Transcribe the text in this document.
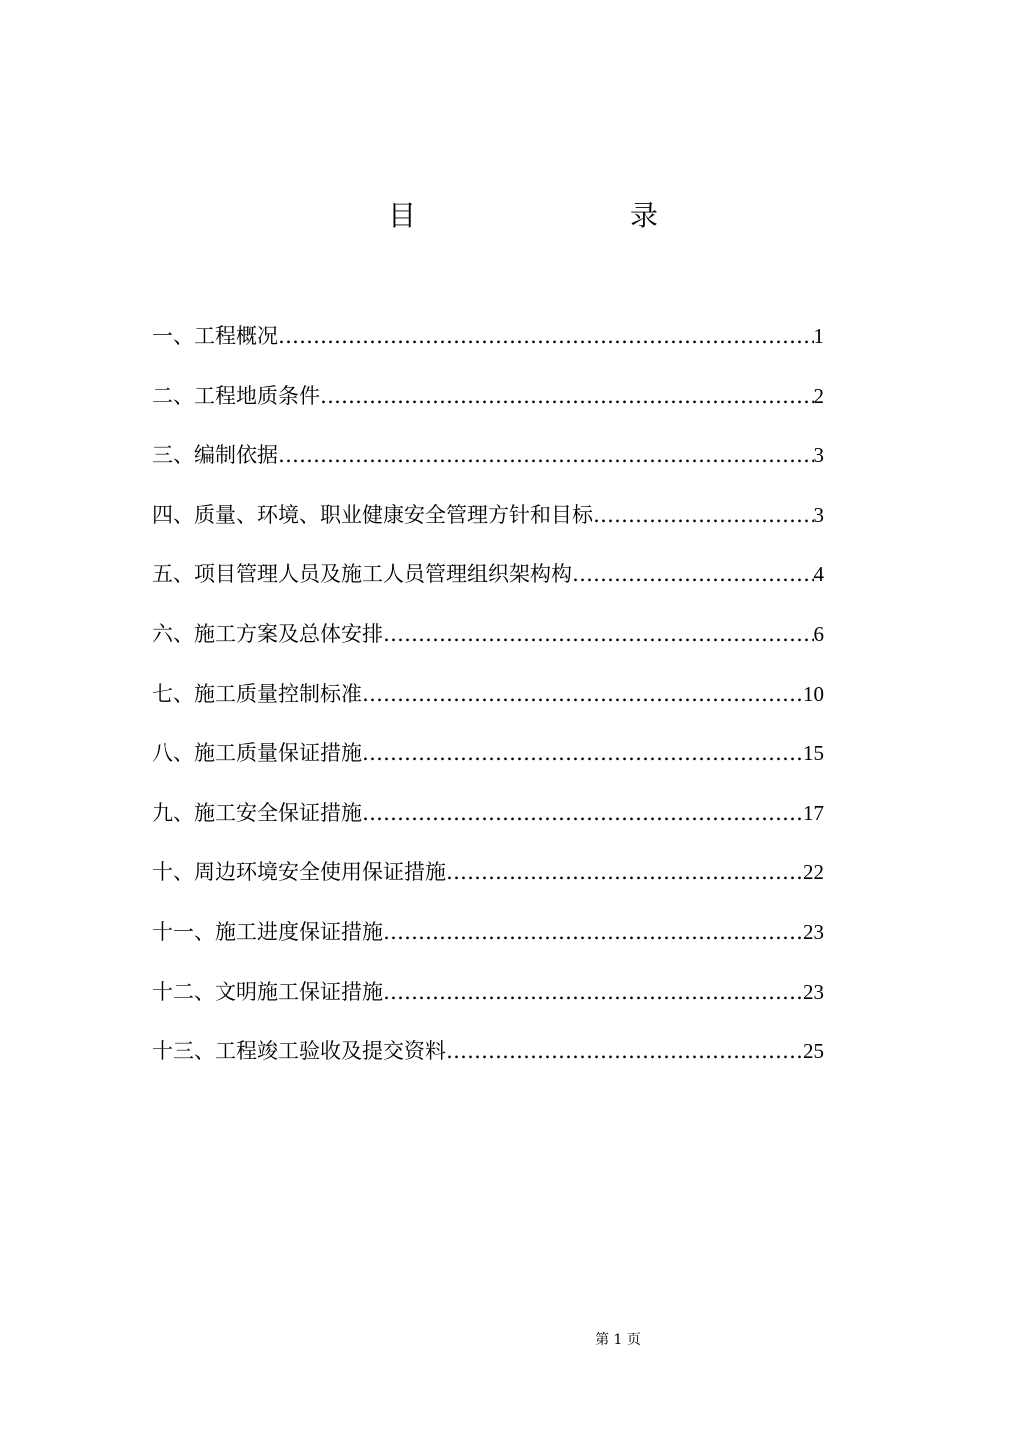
目	录
一、工程概况 ……………………………………………………………………………………………………………………………………………………………………	1
二、工程地质条件 ……………………………………………………………………………………………………………………………………………………………………	2
三、编制依据 ……………………………………………………………………………………………………………………………………………………………………	3
四、质量、环境、职业健康安全管理方针和目标 ……………………………………………………………………………………………………………………………………………………………………	3
五、项目管理人员及施工人员管理组织架构构 ……………………………………………………………………………………………………………………………………………………………………	4
六、施工方案及总体安排 ……………………………………………………………………………………………………………………………………………………………………	6
七、施工质量控制标准 ……………………………………………………………………………………………………………………………………………………………………	10
八、施工质量保证措施 ……………………………………………………………………………………………………………………………………………………………………	15
九、施工安全保证措施 ……………………………………………………………………………………………………………………………………………………………………	17
十、周边环境安全使用保证措施 ……………………………………………………………………………………………………………………………………………………………………	22
十一、施工进度保证措施 ……………………………………………………………………………………………………………………………………………………………………	23
十二、文明施工保证措施 ……………………………………………………………………………………………………………………………………………………………………	23
十三、工程竣工验收及提交资料 ……………………………………………………………………………………………………………………………………………………………………	25
第 1 页
